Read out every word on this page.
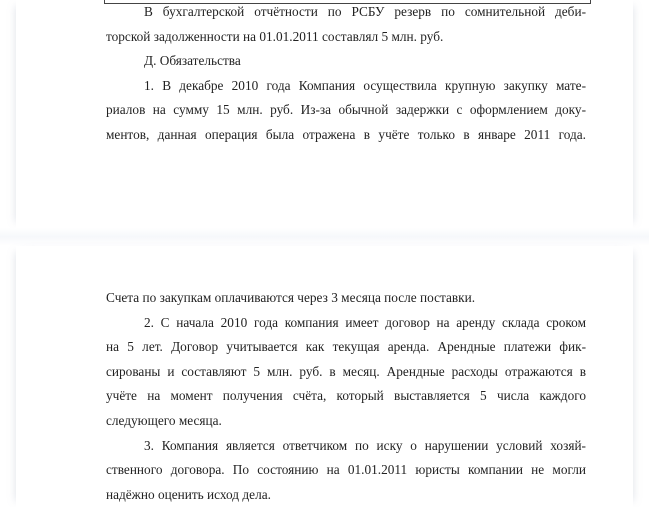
В бухгалтерской отчётности по РСБУ резерв по сомнительной деби-
торской задолженности на 01.01.2011 составлял 5 млн. руб.
Д. Обязательства
1. В декабре 2010 года Компания осуществила крупную закупку мате-
риалов на сумму 15 млн. руб. Из-за обычной задержки с оформлением доку-
ментов, данная операция была отражена в учёте только в январе 2011 года.
Счета по закупкам оплачиваются через 3 месяца после поставки.
2. С начала 2010 года компания имеет договор на аренду склада сроком
на 5 лет. Договор учитывается как текущая аренда. Арендные платежи фик-
сированы и составляют 5 млн. руб. в месяц. Арендные расходы отражаются в
учёте на момент получения счёта, который выставляется 5 числа каждого
следующего месяца.
3. Компания является ответчиком по иску о нарушении условий хозяй-
ственного договора. По состоянию на 01.01.2011 юристы компании не могли
надёжно оценить исход дела.
